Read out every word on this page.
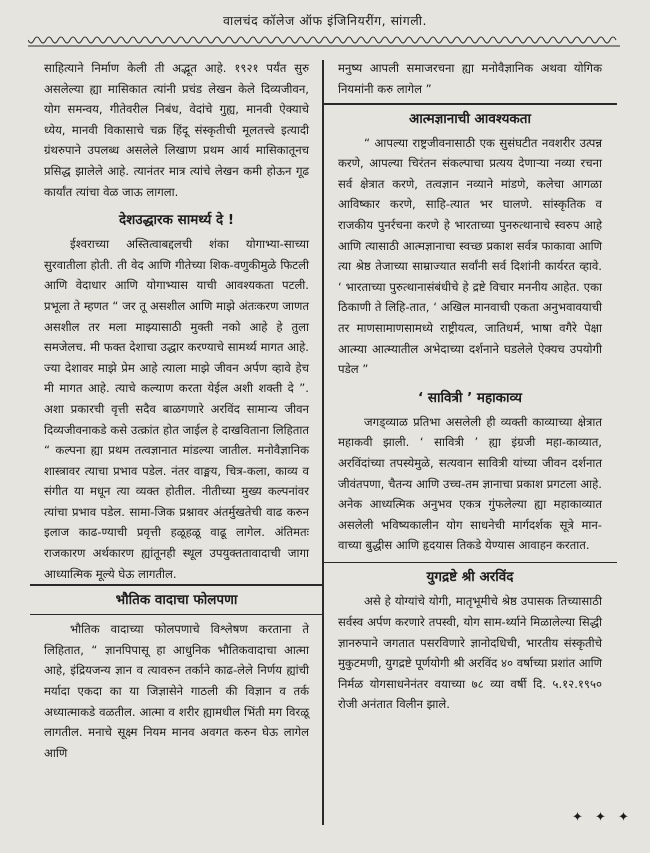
वालचंद कॉलेज ऑफ इंजिनियरींग, सांगली.

साहित्याने निर्माण केली ती अद्भूत आहे. १९२१ पर्यंत सुरु असलेल्या ह्या मासिकात त्यांनी प्रचंड लेखन केले दिव्यजीवन, योग समन्वय, गीतेवरील निबंध, वेदांचे गुह्य, मानवी ऐक्याचे ध्येय, मानवी विकासाचे चक्र हिंदू संस्कृतीची मूलतत्त्वे इत्यादी ग्रंथरुपाने उपलब्ध असलेले लिखाण प्रथम आर्य मासिकातूनच प्रसिद्ध झालेले आहे. त्यानंतर मात्र त्यांचे लेखन कमी होऊन गूढ कार्यांत त्यांचा वेळ जाऊ लागला.

देशउद्धारक सामर्थ्य दे !

ईश्वराच्या अस्तित्वाबद्दलची शंका योगाभ्या-साच्या सुरवातीला होती. ती वेद आणि गीतेच्या शिक-वणुकीमुळे फिटली आणि वेदाधार आणि योगाभ्यास याची आवश्यकता पटली. प्रभूला ते म्हणत “ जर तू असशील आणि माझे अंतःकरण जाणत असशील तर मला माझ्यासाठी मुक्ती नको आहे हे तुला समजेलच. मी फक्त देशाचा उद्धार करण्याचे सामर्थ्य मागत आहे. ज्या देशावर माझे प्रेम आहे त्याला माझे जीवन अर्पण व्हावे हेच मी मागत आहे. त्याचे कल्याण करता येईल अशी शक्ती दे ”. अशा प्रकारची वृत्ती सदैव बाळगणारे अरविंद सामान्य जीवन दिव्यजीवनाकडे कसे उत्क्रांत होत जाईल हे दाखविताना लिहितात “ कल्पना ह्या प्रथम तत्वज्ञानात मांडल्या जातील. मनोवैज्ञानिक शास्त्रावर त्याचा प्रभाव पडेल. नंतर वाङ्मय, चित्र-कला, काव्य व संगीत या मधून त्या व्यक्त होतील. नीतीच्या मुख्य कल्पनांवर त्यांचा प्रभाव पडेल. सामा-जिक प्रश्नावर अंतर्मुखतेची वाढ करुन इलाज काढ-ण्याची प्रवृत्ती हळूहळू वाढू लागेल. अंतिमतः राजकारण अर्थकारण ह्यांतूनही स्थूल उपयुक्ततावादाची जागा आध्यात्मिक मूल्ये घेऊ लागतील.

भौतिक वादाचा फोलपणा

भौतिक वादाच्या फोलपणाचे विश्लेषण करताना ते लिहितात, “ ज्ञानपिपासू हा आधुनिक भौतिकवादाचा आत्मा आहे, इंद्रियजन्य ज्ञान व त्यावरुन तर्काने काढ-लेले निर्णय ह्यांची मर्यादा एकदा का या जिज्ञासेने गाठली की विज्ञान व तर्क अध्यात्माकडे वळतील. आत्मा व शरीर ह्यामधील भिंती मग विरळू लागतील. मनाचे सूक्ष्म नियम मानव अवगत करुन घेऊ लागेल आणि

मनुष्य आपली समाजरचना ह्या मनोवैज्ञानिक अथवा योगिक नियमांनी करु लागेल ”

आत्मज्ञानाची आवश्यकता

“ आपल्या राष्ट्रजीवनासाठी एक सुसंघटीत नवशरीर उत्पन्न करणे, आपल्या चिरंतन संकल्पाचा प्रत्यय देणाऱ्या नव्या रचना सर्व क्षेत्रात करणे, तत्वज्ञान नव्याने मांडणे, कलेचा आगळा आविष्कार करणे, साहि-त्यात भर घालणे. सांस्कृतिक व राजकीय पुनर्रचना करणे हे भारताच्या पुनरुत्थानाचे स्वरुप आहे आणि त्यासाठी आत्मज्ञानाचा स्वच्छ प्रकाश सर्वत्र फाकावा आणि त्या श्रेष्ठ तेजाच्या साम्राज्यात सर्वांनी सर्व दिशांनी कार्यरत व्हावे. ‘ भारताच्या पुरुत्थानासंबंधीचे हे द्रष्टे विचार मननीय आहेत. एका ठिकाणी ते लिहि-तात, ‘ अखिल मानवाची एकता अनुभवावयाची तर माणसामाणसामध्ये राष्ट्रीयत्व, जातिधर्म, भाषा वगैरे पेक्षा आत्म्या आत्म्यातील अभेदाच्या दर्शनाने घडलेले ऐक्यच उपयोगी पडेल ”

‘ सावित्री ’ महाकाव्य

जगड्व्याळ प्रतिभा असलेली ही व्यक्ती काव्याच्या क्षेत्रात महाकवी झाली. ‘ सावित्री ’ ह्या इंग्रजी महा-काव्यात, अरविंदांच्या तपस्येमुळे, सत्यवान सावित्री यांच्या जीवन दर्शनात जीवंतपणा, चैतन्य आणि उच्च-तम ज्ञानाचा प्रकाश प्रगटला आहे. अनेक आध्यत्मिक अनुभव एकत्र गुंफलेल्या ह्या महाकाव्यात असलेली भविष्यकालीन योग साधनेची मार्गदर्शक सूत्रे मान-वाच्या बुद्धीस आणि हृदयास तिकडे येण्यास आवाहन करतात.

युगद्रष्टे श्री अरविंद

असे हे योग्यांचे योगी, मातृभूमीचे श्रेष्ठ उपासक तिच्यासाठी सर्वस्व अर्पण करणारे तपस्वी, योग साम-र्थ्याने मिळालेल्या सिद्धी ज्ञानरुपाने जगतात पसरविणारे ज्ञानोदधिची, भारतीय संस्कृतीचे मुकुटमणी, युगद्रष्टे पूर्णयोगी श्री अरविंद ४० वर्षाच्या प्रशांत आणि निर्मळ योगसाधनेनंतर वयाच्या ७८ व्या वर्षी दि. ५.१२.१९५० रोजी अनंतात विलीन झाले.

✦ ✦ ✦
